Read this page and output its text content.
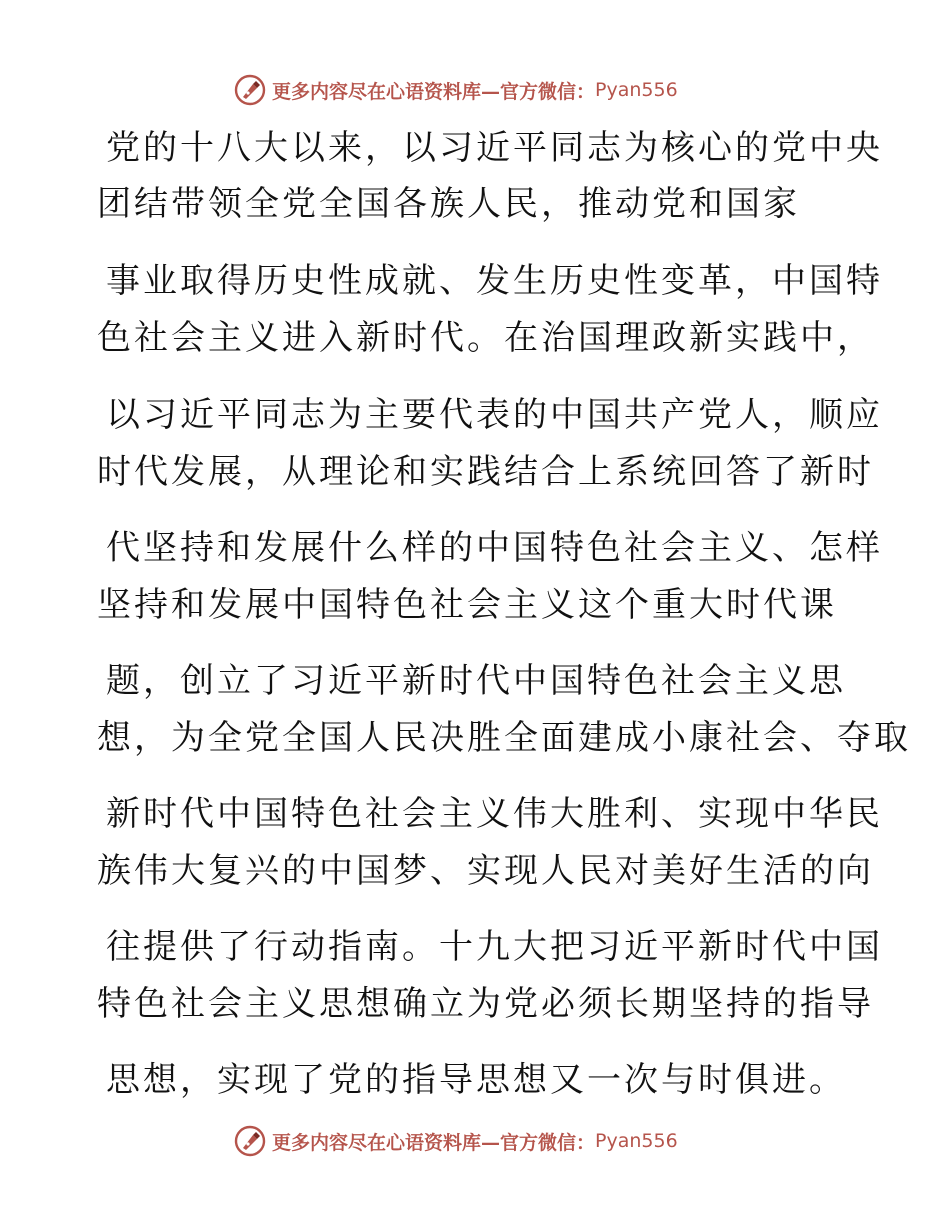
更多内容尽在心语资料库—官方微信： Pyan556
党的十八大以来，以习近平同志为核心的党中央
团结带领全党全国各族人民，推动党和国家
事业取得历史性成就、发生历史性变革，中国特
色社会主义进入新时代。在治国理政新实践中，
以习近平同志为主要代表的中国共产党人，顺应
时代发展，从理论和实践结合上系统回答了新时
代坚持和发展什么样的中国特色社会主义、怎样
坚持和发展中国特色社会主义这个重大时代课
题，创立了习近平新时代中国特色社会主义思
想，为全党全国人民决胜全面建成小康社会、夺取
新时代中国特色社会主义伟大胜利、实现中华民
族伟大复兴的中国梦、实现人民对美好生活的向
往提供了行动指南。十九大把习近平新时代中国
特色社会主义思想确立为党必须长期坚持的指导
思想，实现了党的指导思想又一次与时俱进。
更多内容尽在心语资料库—官方微信： Pyan556
